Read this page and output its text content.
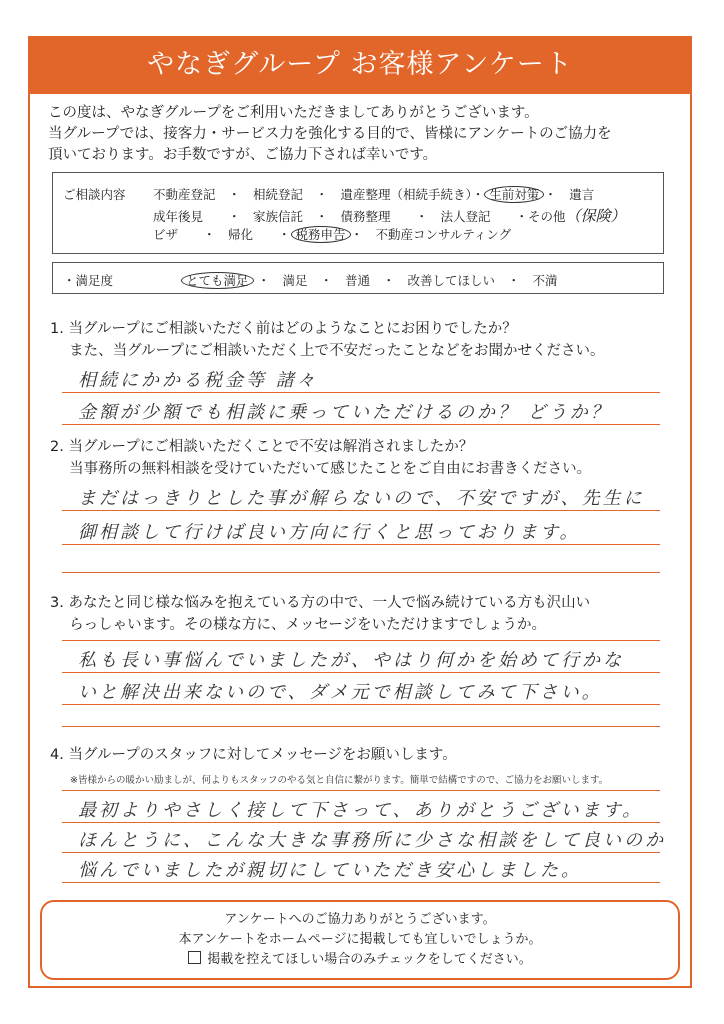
やなぎグループ お客様アンケート

この度は、やなぎグループをご利用いただきましてありがとうございます。

当グループでは、接客力・サービス力を強化する目的で、皆様にアンケートのご協力を

頂いております。お手数ですが、ご協力下されば幸いです。

ご相談内容 不動産登記　・　相続登記　・　遺産整理（相続手続き）・ 生前対策 ・　遺言
成年後見　　・　家族信託　・　債務整理　　・　法人登記　　・その他（保険）
ビザ　　・　帰化　　・ 税務申告 ・　不動産コンサルティング
・満足度	とても満足 ・　満足　・　普通　・　改善してほしい　・　不満

1. 当グループにご相談いただく前はどのようなことにお困りでしたか？

　 また、当グループにご相談いただく上で不安だったことなどをお聞かせください。

相続にかかる税金等 諸々
金額が少額でも相談に乗っていただけるのか？ どうか？

2. 当グループにご相談いただくことで不安は解消されましたか？

　 当事務所の無料相談を受けていただいて感じたことをご自由にお書きください。

まだはっきりとした事が解らないので、不安ですが、先生に
御相談して行けば良い方向に行くと思っております。

3. あなたと同じ様な悩みを抱えている方の中で、一人で悩み続けている方も沢山い

　 らっしゃいます。その様な方に、メッセージをいただけますでしょうか。

私も長い事悩んでいましたが、やはり何かを始めて行かな
いと解決出来ないので、ダメ元で相談してみて下さい。

4. 当グループのスタッフに対してメッセージをお願いします。

※皆様からの暖かい励ましが、何よりもスタッフのやる気と自信に繋がります。簡単で結構ですので、ご協力をお願いします。
最初よりやさしく接して下さって、ありがとうございます。
ほんとうに、こんな大きな事務所に少さな相談をして良いのか
悩んでいましたが親切にしていただき安心しました。

アンケートへのご協力ありがとうございます。

本アンケートをホームページに掲載しても宜しいでしょうか。

掲載を控えてほしい場合のみチェックをしてください。
